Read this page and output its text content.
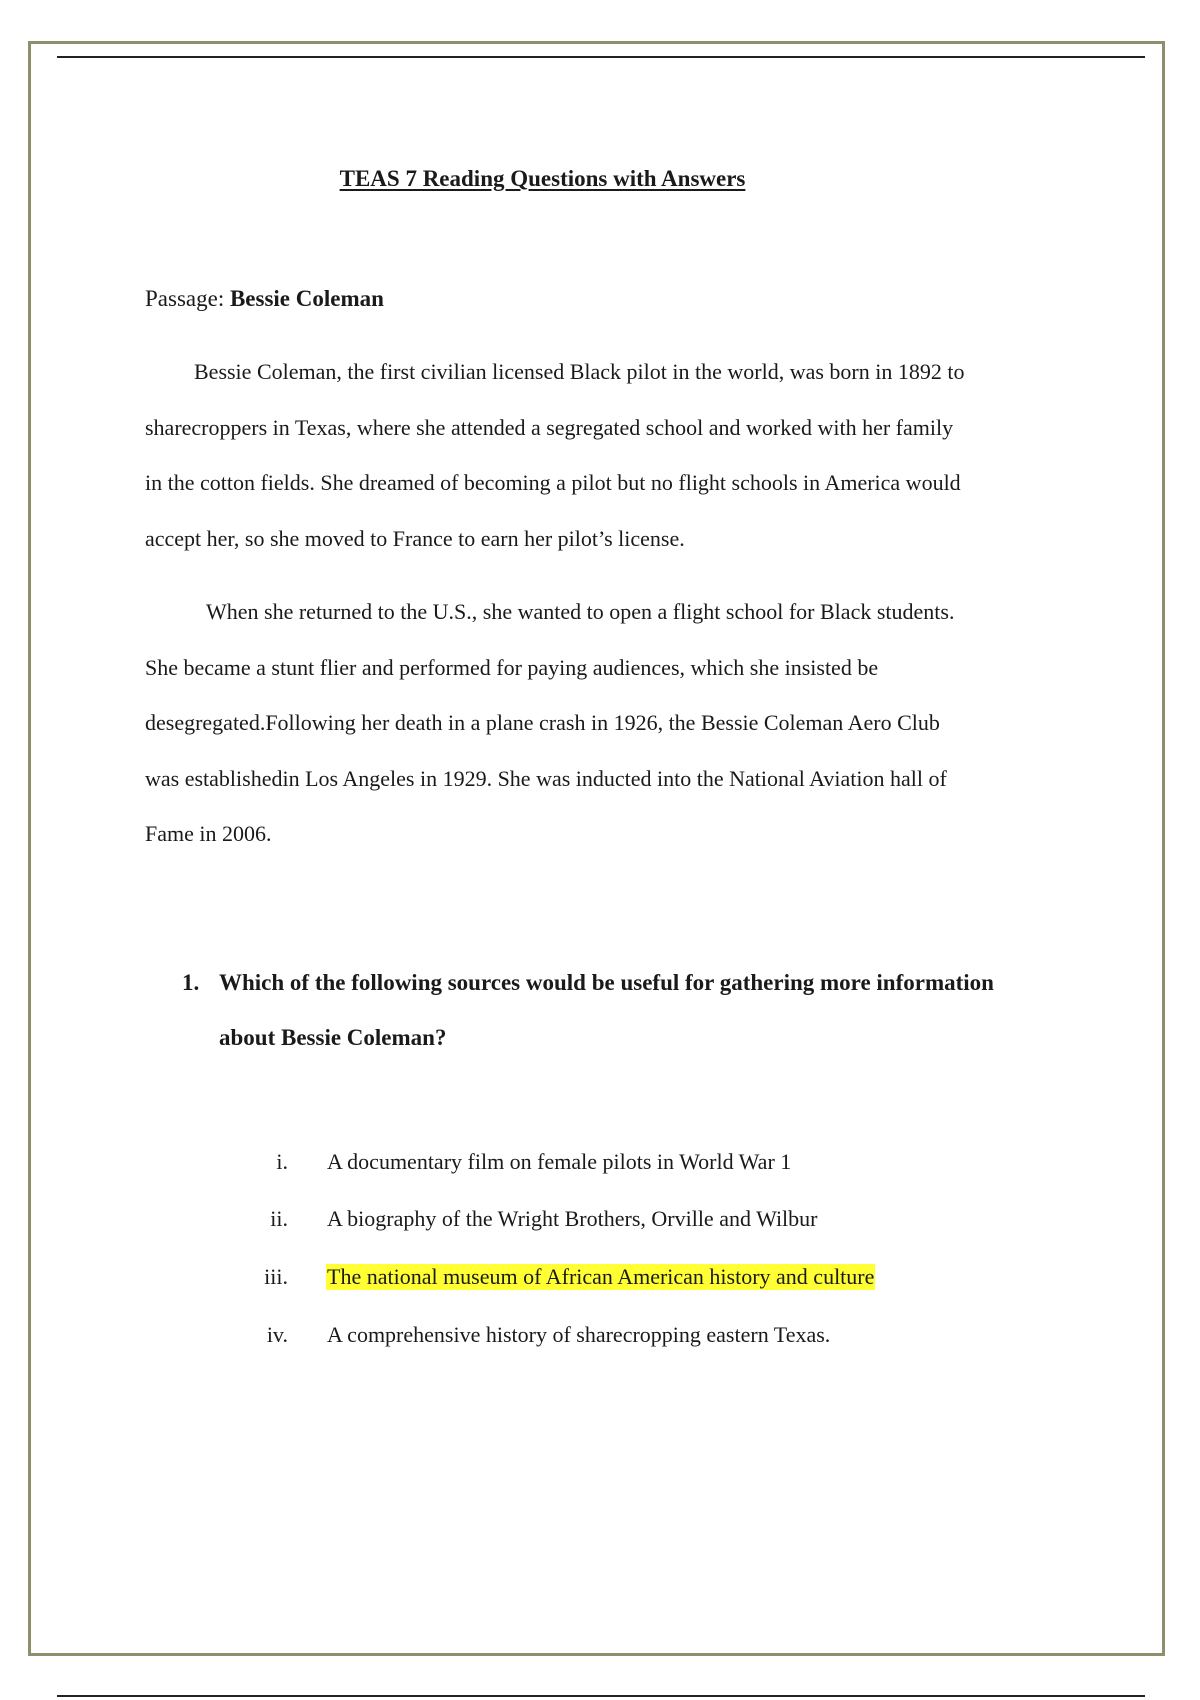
TEAS 7 Reading Questions with Answers
Passage: Bessie Coleman
Bessie Coleman, the first civilian licensed Black pilot in the world, was born in 1892 to
sharecroppers in Texas, where she attended a segregated school and worked with her family
in the cotton fields. She dreamed of becoming a pilot but no flight schools in America would
accept her, so she moved to France to earn her pilot’s license.
When she returned to the U.S., she wanted to open a flight school for Black students.
She became a stunt flier and performed for paying audiences, which she insisted be
desegregated.Following her death in a plane crash in 1926, the Bessie Coleman Aero Club
was establishedin Los Angeles in 1929. She was inducted into the National Aviation hall of
Fame in 2006.
1. Which of the following sources would be useful for gathering more information
about Bessie Coleman?
i. A documentary film on female pilots in World War 1
ii. A biography of the Wright Brothers, Orville and Wilbur
iii. The national museum of African American history and culture
iv. A comprehensive history of sharecropping eastern Texas.
